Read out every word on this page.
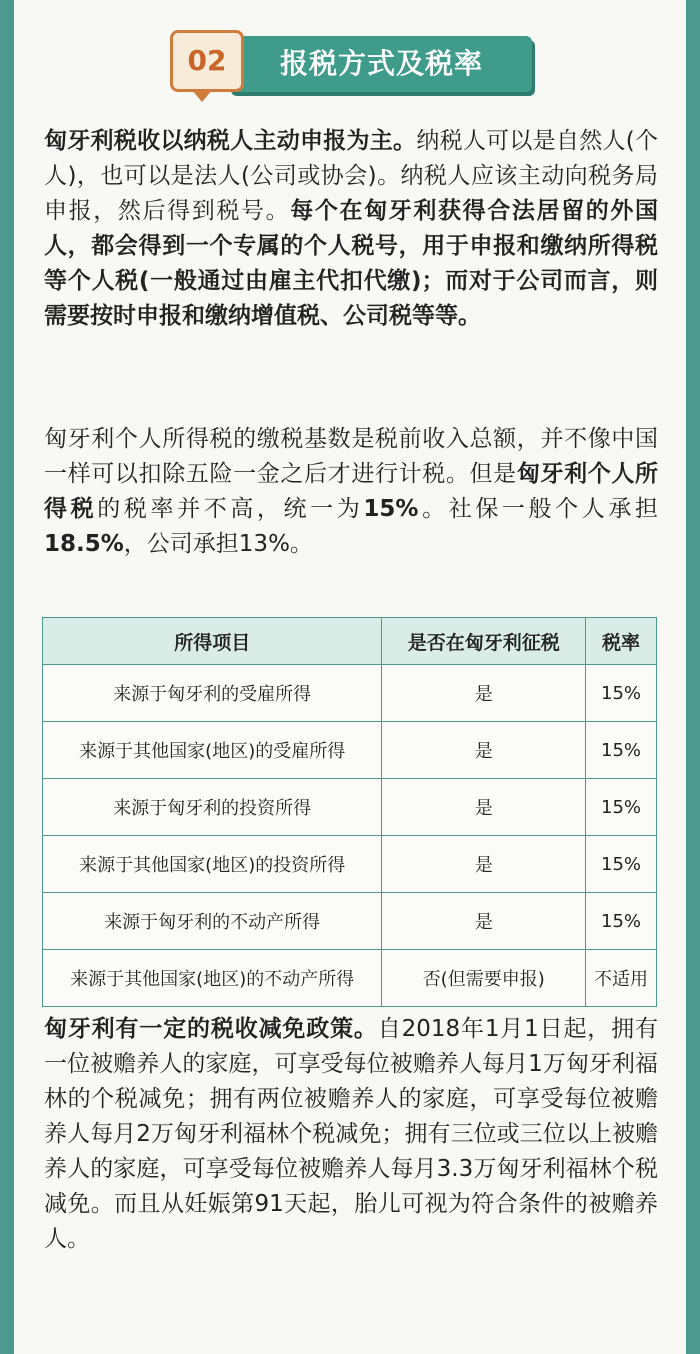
报税方式及税率
02
匈牙利税收以纳税人主动申报为主。纳税人可以是自然人(个人)，也可以是法人(公司或协会)。纳税人应该主动向税务局申报，然后得到税号。每个在匈牙利获得合法居留的外国人，都会得到一个专属的个人税号，用于申报和缴纳所得税等个人税(一般通过由雇主代扣代缴)；而对于公司而言，则需要按时申报和缴纳增值税、公司税等等。
匈牙利个人所得税的缴税基数是税前收入总额，并不像中国一样可以扣除五险一金之后才进行计税。但是匈牙利个人所得税的税率并不高，统一为15%。社保一般个人承担18.5%，公司承担13%。
所得项目	是否在匈牙利征税	税率
来源于匈牙利的受雇所得	是	15%
来源于其他国家(地区)的受雇所得	是	15%
来源于匈牙利的投资所得	是	15%
来源于其他国家(地区)的投资所得	是	15%
来源于匈牙利的不动产所得	是	15%
来源于其他国家(地区)的不动产所得	否(但需要申报)	不适用
匈牙利有一定的税收减免政策。自2018年1月1日起，拥有一位被赡养人的家庭，可享受每位被赡养人每月1万匈牙利福林的个税减免；拥有两位被赡养人的家庭，可享受每位被赡养人每月2万匈牙利福林个税减免；拥有三位或三位以上被赡养人的家庭，可享受每位被赡养人每月3.3万匈牙利福林个税减免。而且从妊娠第91天起，胎儿可视为符合条件的被赡养人。
